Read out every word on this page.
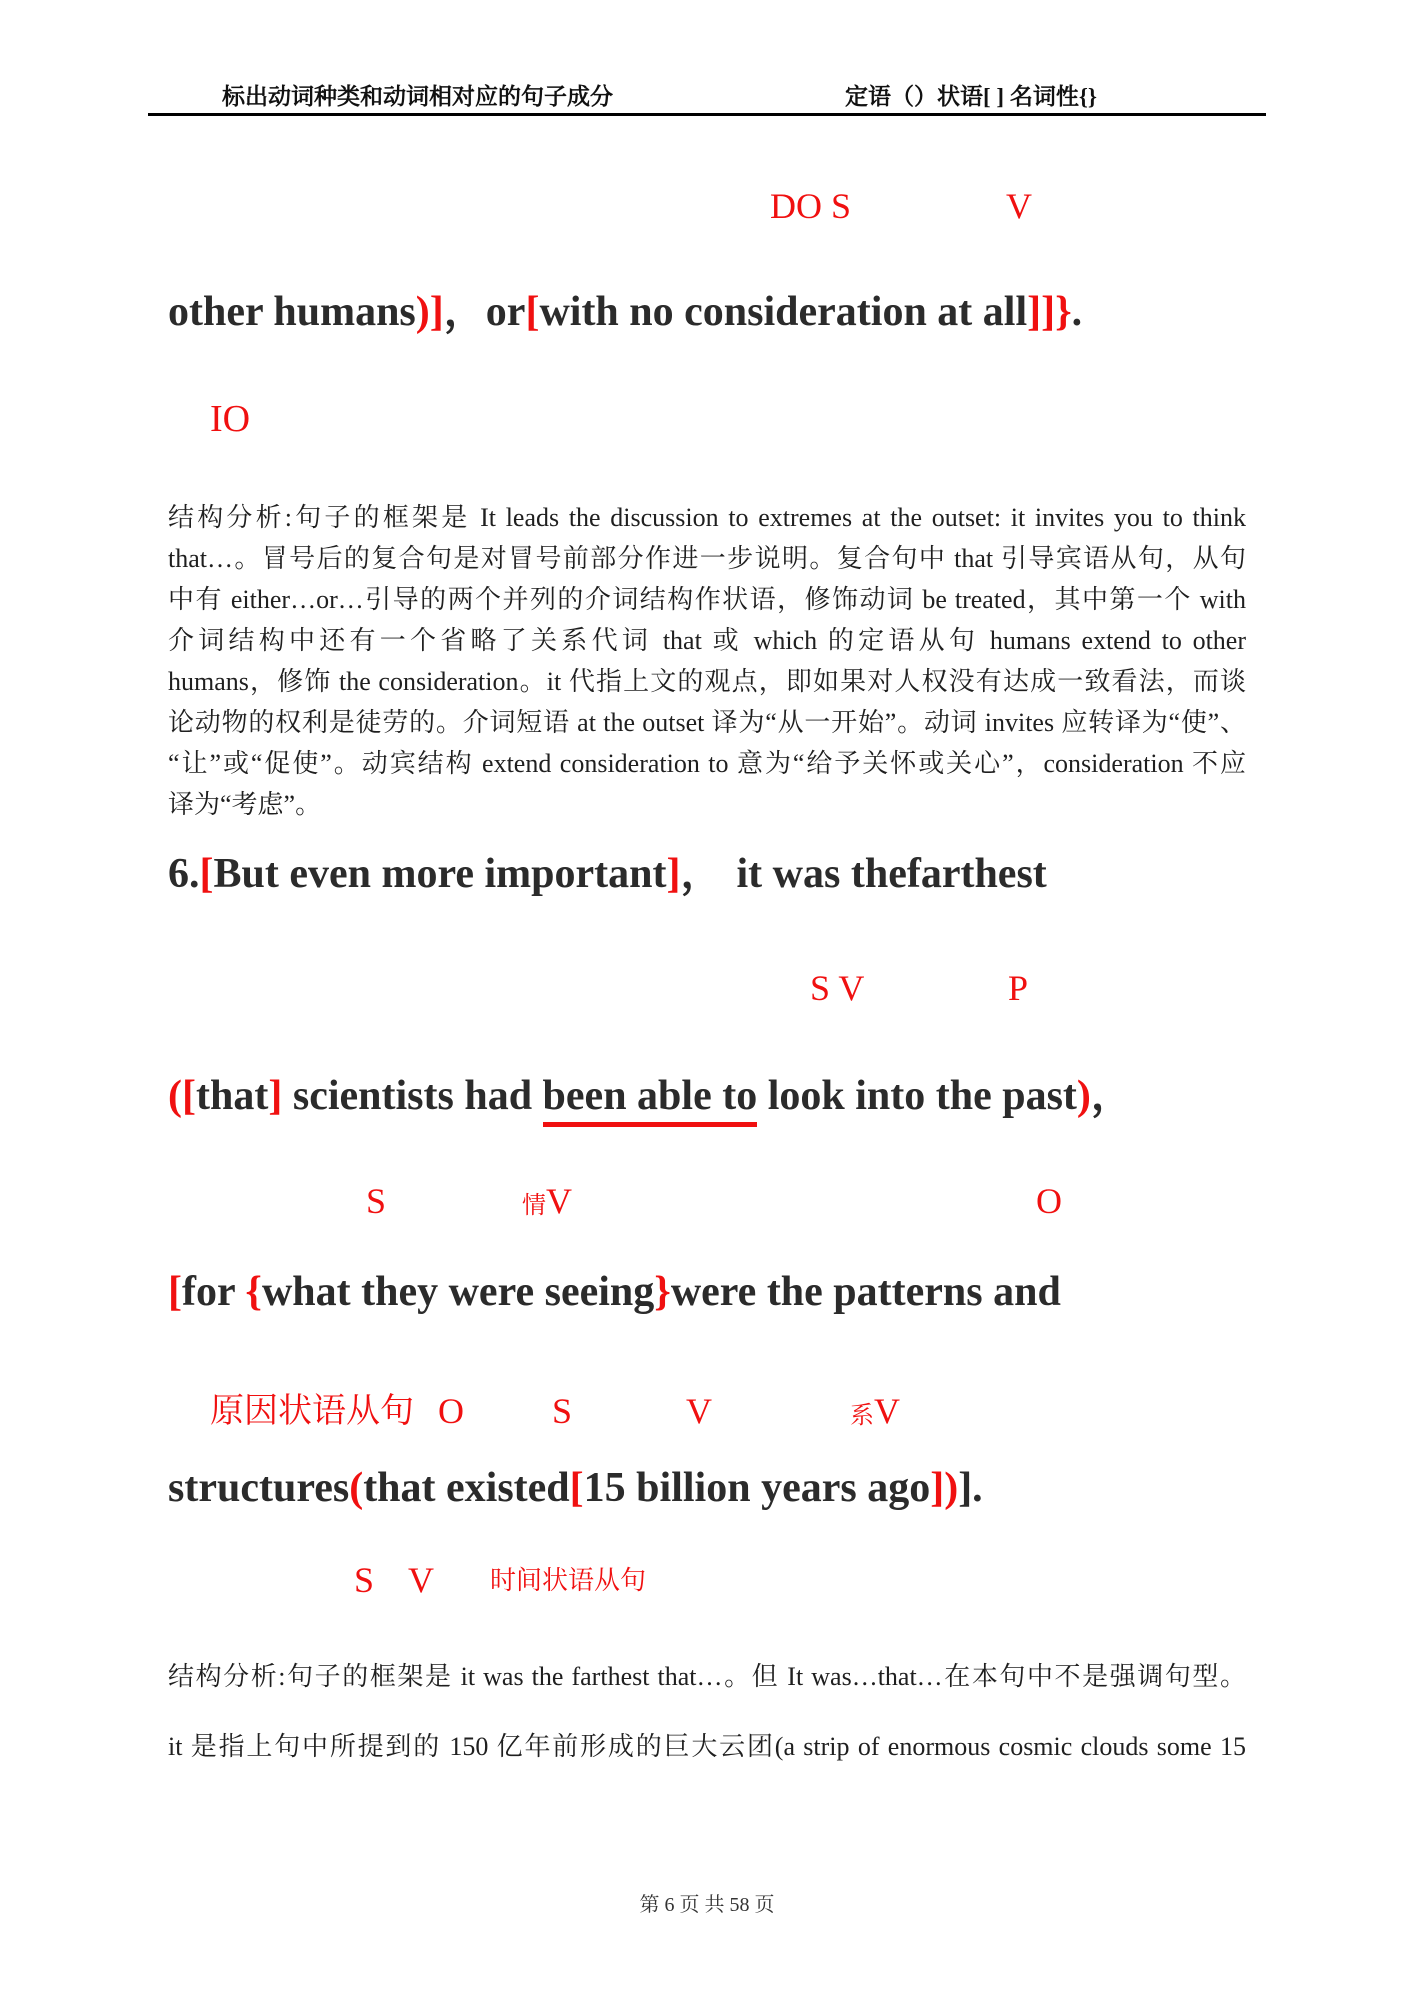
标出动词种类和动词相对应的句子成分	定语（）状语[ ] 名词性{}
DO S	V
other humans)]，or[with no consideration at all]]}.
IO
结构分析:句子的框架是 It leads the discussion to extremes at the outset: it invites you to think
that…。冒号后的复合句是对冒号前部分作进一步说明。复合句中 that 引导宾语从句，从句
中有 either…or…引导的两个并列的介词结构作状语，修饰动词 be treated，其中第一个 with
介词结构中还有一个省略了关系代词 that 或 which 的定语从句 humans extend to other
humans，修饰 the consideration。it 代指上文的观点，即如果对人权没有达成一致看法，而谈
论动物的权利是徒劳的。介词短语 at the outset 译为“从一开始”。动词 invites 应转译为“使”、
“让”或“促使”。动宾结构 extend consideration to 意为“给予关怀或关心”，consideration 不应
译为“考虑”。
6.[But even more important]， it was thefarthest
S V	P
([that] scientists had been able to look into the past)，
S	情V	O
[for {what they were seeing}were the patterns and
原因状语从句 O S	V	系V
structures(that existed[15 billion years ago])].
S V 时间状语从句
结构分析:句子的框架是 it was the farthest that…。但 It was…that…在本句中不是强调句型。
it 是指上句中所提到的 150 亿年前形成的巨大云团(a strip of enormous cosmic clouds some 15
第 6 页 共 58 页
